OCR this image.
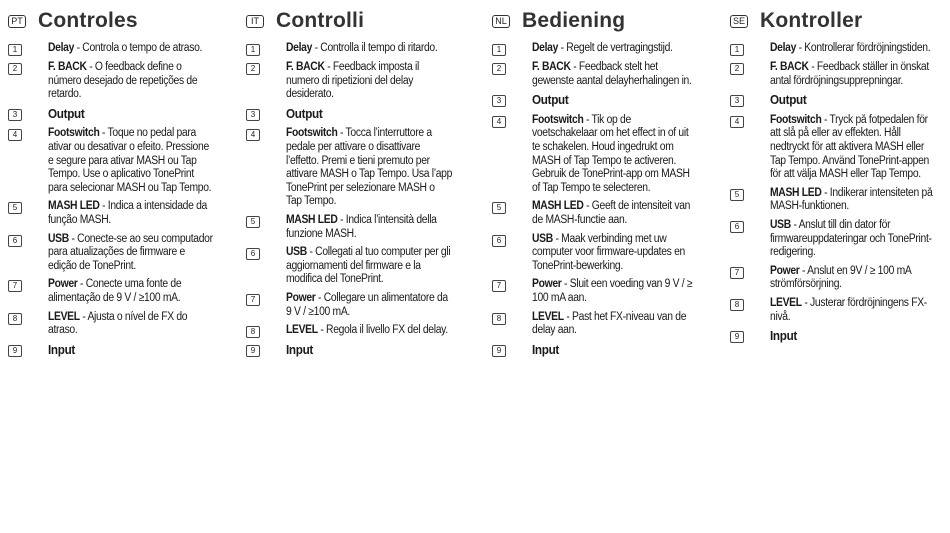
PT Controles
1	Delay - Controla o tempo de atraso.
2	F. BACK - O feedback define o número desejado de repetições de retardo.
3	Output
4	Footswitch - Toque no pedal para ativar ou desativar o efeito. Pressione e segure para ativar MASH ou Tap Tempo. Use o aplicativo TonePrint para selecionar MASH ou Tap Tempo.
5	MASH LED - Indica a intensidade da função MASH.
6	USB - Conecte-se ao seu computador para atualizações de firmware e edição de TonePrint.
7	Power - Conecte uma fonte de alimentação de 9 V / ≥100 mA.
8	LEVEL - Ajusta o nível de FX do atraso.
9	Input
IT Controlli
1	Delay - Controlla il tempo di ritardo.
2	F. BACK - Feedback imposta il numero di ripetizioni del delay desiderato.
3	Output
4	Footswitch - Tocca l’interruttore a pedale per attivare o disattivare l’effetto. Premi e tieni premuto per attivare MASH o Tap Tempo. Usa l’app TonePrint per selezionare MASH o Tap Tempo.
5	MASH LED - Indica l’intensità della funzione MASH.
6	USB - Collegati al tuo computer per gli aggiornamenti del firmware e la modifica del TonePrint.
7	Power - Collegare un alimentatore da 9 V / ≥100 mA.
8	LEVEL - Regola il livello FX del delay.
9	Input
NL Bediening
1	Delay - Regelt de vertragingstijd.
2	F. BACK - Feedback stelt het gewenste aantal delayherhalingen in.
3	Output
4	Footswitch - Tik op de voetschakelaar om het effect in of uit te schakelen. Houd ingedrukt om MASH of Tap Tempo te activeren. Gebruik de TonePrint-app om MASH of Tap Tempo te selecteren.
5	MASH LED - Geeft de intensiteit van de MASH-functie aan.
6	USB - Maak verbinding met uw computer voor firmware-updates en TonePrint-bewerking.
7	Power - Sluit een voeding van 9 V / ≥ 100 mA aan.
8	LEVEL - Past het FX-niveau van de delay aan.
9	Input
SE Kontroller
1	Delay - Kontrollerar fördröjningstiden.
2	F. BACK - Feedback ställer in önskat antal fördröjningsupprepningar.
3	Output
4	Footswitch - Tryck på fotpedalen för att slå på eller av effekten. Håll nedtryckt för att aktivera MASH eller Tap Tempo. Använd TonePrint-appen för att välja MASH eller Tap Tempo.
5	MASH LED - Indikerar intensiteten på MASH-funktionen.
6	USB - Anslut till din dator för firmwareuppdateringar och TonePrint-redigering.
7	Power - Anslut en 9V / ≥ 100 mA strömförsörjning.
8	LEVEL - Justerar fördröjningens FX-nivå.
9	Input
